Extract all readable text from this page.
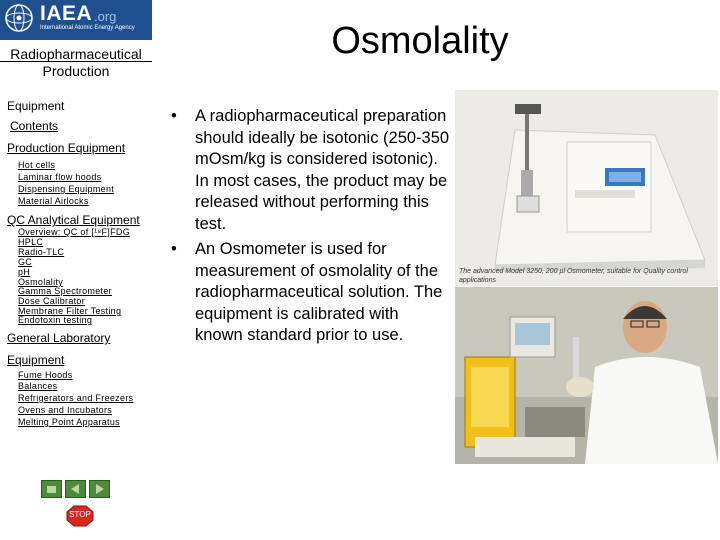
IAEA .org
International Atomic Energy Agency
Radiopharmaceutical Production
Equipment
Contents
Production Equipment
Hot cells
Laminar flow hoods
Dispensing Equipment
Material Airlocks
QC Analytical Equipment
Overview: QC of [¹⁸F]FDG
HPLC
Radio-TLC
GC
pH
Osmolality
Gamma Spectrometer
Dose Calibrator
Membrane Filter Testing
Endotoxin testing
General Laboratory
Equipment
Fume Hoods
Balances
Refrigerators and Freezers
Ovens and Incubators
Melting Point Apparatus
STOP
Osmolality
• A radiopharmaceutical preparation should ideally be isotonic (250-350 mOsm/kg is considered isotonic). In most cases, the product may be released without performing this test.
• An Osmometer is used for measurement of osmolality of the radiopharmaceutical solution. The equipment is calibrated with known standard prior to use.
The advanced Model 3250, 200 µl Osmometer, suitable for Quality control applications
